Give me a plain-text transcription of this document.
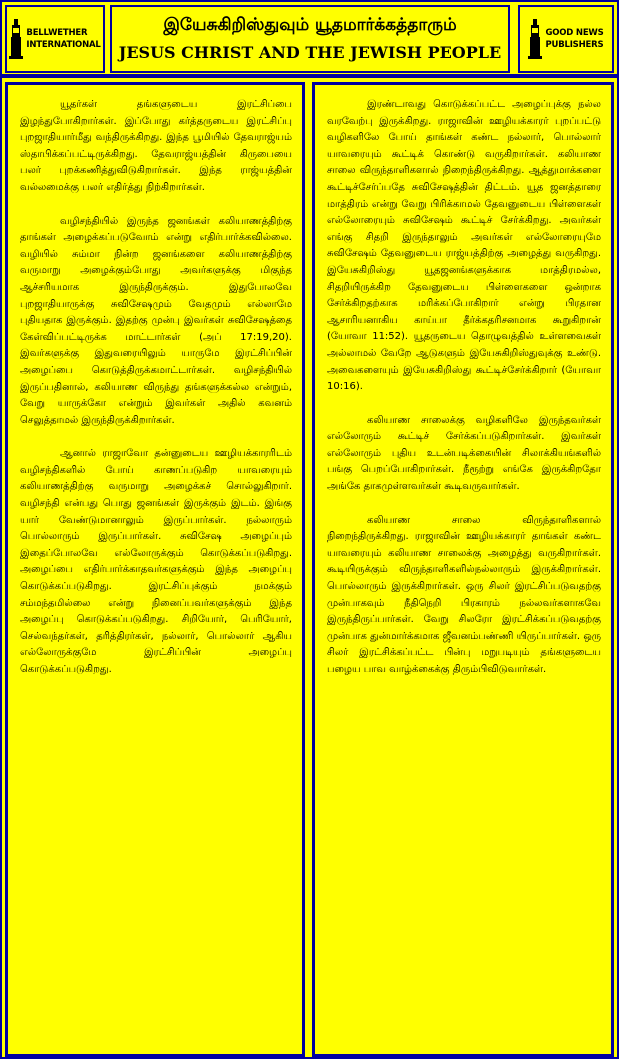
BELLWETHER
INTERNATIONAL
இயேசுகிறிஸ்துவும் யூதமார்க்கத்தாரும்
JESUS CHRIST AND THE JEWISH PEOPLE
GOOD NEWS
PUBLISHERS

யூதர்கள் தங்களுடைய இரட்சிப்பை இழந்துபோகிறார்கள். இப்போது கர்த்தருடைய இரட்சிப்பு புறஜாதியார்மீது வந்திருக்கிறது. இந்த பூமியில் தேவராஜ்யம் ஸ்தாபிக்கப்பட்டிருக்கிறது. தேவராஜ்யத்தின் கிருபையை பலர் புறக்கணித்துவிடுகிறார்கள். இந்த ராஜ்யத்தின் வல்லமைக்கு பலர் எதிர்த்து நிற்கிறார்கள்.

வழிசந்தியில் இருந்த ஜனங்கள் கலியாணத்திற்கு தாங்கள் அழைக்கப்படுவோம் என்று எதிர்பார்க்கவில்லை. வழியில் சும்மா நின்ற ஜனங்களை கலியாணத்திற்கு வருமாறு அழைக்கும்போது அவர்களுக்கு மிகுந்த ஆச்சரியமாக இருந்திருக்கும். இதுபோலவே புறஜாதியாருக்கு சுவிசேஷமும் வேதமும் எல்லாமே புதியதாக இருக்கும். இதற்கு முன்பு இவர்கள் சுவிசேஷத்தை கேள்விப்பட்டிருக்க மாட்டார்கள் (அப் 17:19,20). இவர்களுக்கு இதுவரையிலும் யாருமே இரட்சிப்பின் அழைப்பை கொடுத்திருக்கமாட்டார்கள். வழிசந்தியில் இருப்பதினால், கலியாண விருந்து தங்களுக்கல்ல என்றும், வேறு யாருக்கோ என்றும் இவர்கள் அதில் கவனம் செலுத்தாமல் இருந்திருக்கிறார்கள்.

ஆனால் ராஜாவோ தன்னுடைய ஊழியக்காரரிடம் வழிசந்திகளில் போய் காணப்படுகிற யாவரையும் கலியாணத்திற்கு வருமாறு அழைக்கச் சொல்லுகிறார். வழிசந்தி என்பது பொது ஜனங்கள் இருக்கும் இடம். இங்கு யார் வேண்டுமானாலும் இருப்பார்கள். நல்லாரும் பொல்லாரும் இருப்பார்கள். சுவிசேஷ அழைப்பும் இதைப்போலவே எல்லோருக்கும் கொடுக்கப்படுகிறது. அழைப்பை எதிர்பார்க்காதவர்களுக்கும் இந்த அழைப்பு கொடுக்கப்படுகிறது. இரட்சிப்புக்கும் நமக்கும் சம்மந்தமில்லை என்று நினைப்பவர்களுக்கும் இந்த அழைப்பு கொடுக்கப்படுகிறது. சிறியோர், பெரியோர், செல்வந்தர்கள், தரித்திரர்கள், நல்லார், பொல்லார் ஆகிய எல்லோருக்குமே இரட்சிப்பின் அழைப்பு கொடுக்கப்படுகிறது.

இரண்டாவது கொடுக்கப்பட்ட அழைப்புக்கு நல்ல வரவேற்பு இருக்கிறது. ராஜாவின் ஊழியக்காரர் புறப்பட்டு வழிகளிலே போய் தாங்கள் கண்ட நல்லார், பொல்லார் யாவரையும் கூட்டிக் கொண்டு வருகிறார்கள். கலியாண சாலை விருந்தாளிகளால் நிறைந்திருக்கிறது. ஆத்துமாக்களை கூட்டிச்சேர்ப்பதே சுவிசேஷத்தின் திட்டம். யூத ஜனத்தாரை மாத்திரம் என்று வேறு பிரிக்காமல் தேவனுடைய பிள்ளைகள் எல்லோரையும் சுவிசேஷம் கூட்டிச் சேர்க்கிறது. அவர்கள் எங்கு சிதறி இருந்தாலும் அவர்கள் எல்லோரையுமே சுவிசேஷம் தேவனுடைய ராஜ்யத்திற்கு அழைத்து வருகிறது. இயேசுகிறிஸ்து யூதஜனங்களுக்காக மாத்திரமல்ல, சிதறியிருக்கிற தேவனுடைய பிள்ளைகளை ஒன்றாக சேர்க்கிறதற்காக மரிக்கப்போகிறார் என்று பிரதான ஆசாரியனாகிய காய்பா தீர்க்கதரிசனமாக கூறுகிறான் (யோவா 11:52). யூதருடைய தொழுவத்தில் உள்ளவைகள் அல்லாமல் வேறே ஆடுகளும் இயேசுகிறிஸ்துவுக்கு உண்டு. அவைகளையும் இயேசுகிறிஸ்து கூட்டிச்சேர்க்கிறார் (யோவா 10:16).

கலியாண சாலைக்கு வழிகளிலே இருந்தவர்கள் எல்லோரும் கூட்டிச் சேர்க்கப்படுகிறார்கள். இவர்கள் எல்லோரும் புதிய உடன்படிக்கையின் சிலாக்கியங்களில் பங்கு பெறப்போகிறார்கள். நீரூற்று எங்கே இருக்கிறதோ அங்கே தாகமுள்ளவர்கள் கூடிவருவார்கள்.

கலியாண சாலை விருந்தாளிகளால் நிறைந்திருக்கிறது. ராஜாவின் ஊழியக்காரர் தாங்கள் கண்ட யாவரையும் கலியாண சாலைக்கு அழைத்து வருகிறார்கள். கூடியிருக்கும் விருந்தாளிகளில்நல்லாரும் இருக்கிறார்கள். பொல்லாரும் இருக்கிறார்கள். ஒரு சிலர் இரட்சிப்படுவதற்கு முன்பாகவும் நீதிநெறி பிரகாரம் நல்லவர்களாகவே இருந்திருப்பார்கள். வேறு சிலரோ இரட்சிக்கப்படுவதற்கு முன்பாக துன்மார்க்கமாக ஜீவனம்பண்ணி யிருப்பார்கள். ஒரு சிலர் இரட்சிக்கப்பட்ட பின்பு மறுபடியும் தங்களுடைய பழைய பாவ வாழ்க்கைக்கு திரும்பிவிடுவார்கள்.
